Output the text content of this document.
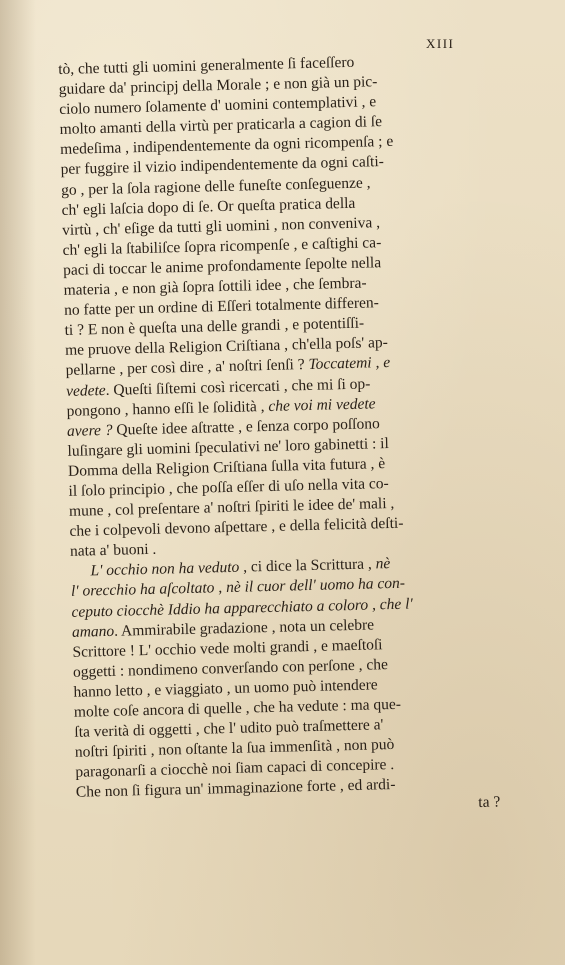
XIII
tò, che tutti gli uomini generalmente ſi faceſſero
guidare da' principj della Morale ; e non già un pic-
ciolo numero ſolamente d' uomini contemplativi , e
molto amanti della virtù per praticarla a cagion di ſe
medeſima , indipendentemente da ogni ricompenſa ; e
per fuggire il vizio indipendentemente da ogni caſti-
go , per la ſola ragione delle funeſte conſeguenze ,
ch' egli laſcia dopo di ſe. Or queſta pratica della
virtù , ch' eſige da tutti gli uomini , non conveniva ,
ch' egli la ſtabiliſce ſopra ricompenſe , e caſtighi ca-
paci di toccar le anime profondamente ſepolte nella
materia , e non già ſopra ſottili idee , che ſembra-
no fatte per un ordine di Eſſeri totalmente differen-
ti ? E non è queſta una delle grandi , e potentiſſi-
me pruove della Religion Criſtiana , ch'ella poſs' ap-
pellarne , per così dire , a' noſtri ſenſi ? Toccatemi , e
vedete. Queſti ſiſtemi così ricercati , che mi ſi op-
pongono , hanno eſſi le ſolidità , che voi mi vedete
avere ? Queſte idee aſtratte , e ſenza corpo poſſono
luſingare gli uomini ſpeculativi ne' loro gabinetti : il
Domma della Religion Criſtiana ſulla vita futura , è
il ſolo principio , che poſſa eſſer di uſo nella vita co-
mune , col preſentare a' noſtri ſpiriti le idee de' mali ,
che i colpevoli devono aſpettare , e della felicità deſti-
nata a' buoni .
L' occhio non ha veduto , ci dice la Scrittura , nè
l' orecchio ha aſcoltato , nè il cuor dell' uomo ha con-
ceputo ciocchè Iddio ha apparecchiato a coloro , che l'
amano. Ammirabile gradazione , nota un celebre
Scrittore ! L' occhio vede molti grandi , e maeſtoſi
oggetti : nondimeno converſando con perſone , che
hanno letto , e viaggiato , un uomo può intendere
molte coſe ancora di quelle , che ha vedute : ma que-
ſta verità di oggetti , che l' udito può traſmettere a'
noſtri ſpiriti , non oſtante la ſua immenſità , non può
paragonarſi a ciocchè noi ſiam capaci di concepire .
Che non ſi figura un' immaginazione forte , ed ardi-
ta ?
